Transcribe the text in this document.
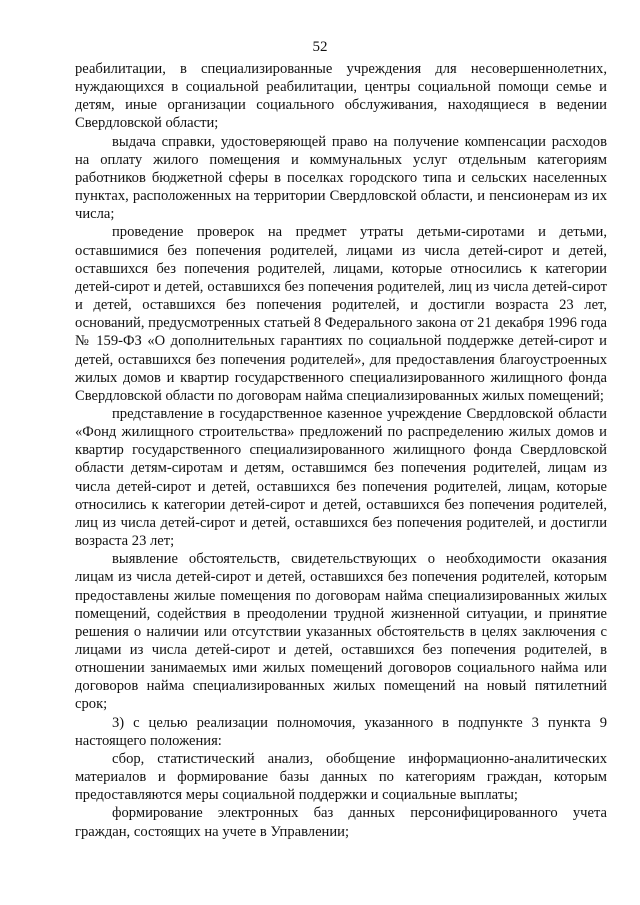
52

реабилитации, в специализированные учреждения для несовершеннолетних, нуждающихся в социальной реабилитации, центры социальной помощи семье и детям, иные организации социального обслуживания, находящиеся в ведении Свердловской области;

выдача справки, удостоверяющей право на получение компенсации расходов на оплату жилого помещения и коммунальных услуг отдельным категориям работников бюджетной сферы в поселках городского типа и сельских населенных пунктах, расположенных на территории Свердловской области, и пенсионерам из их числа;

проведение проверок на предмет утраты детьми-сиротами и детьми, оставшимися без попечения родителей, лицами из числа детей-сирот и детей, оставшихся без попечения родителей, лицами, которые относились к категории детей-сирот и детей, оставшихся без попечения родителей, лиц из числа детей-сирот и детей, оставшихся без попечения родителей, и достигли возраста 23 лет, оснований, предусмотренных статьей 8 Федерального закона от 21 декабря 1996 года № 159-ФЗ «О дополнительных гарантиях по социальной поддержке детей-сирот и детей, оставшихся без попечения родителей», для предоставления благоустроенных жилых домов и квартир государственного специализированного жилищного фонда Свердловской области по договорам найма специализированных жилых помещений;

представление в государственное казенное учреждение Свердловской области «Фонд жилищного строительства» предложений по распределению жилых домов и квартир государственного специализированного жилищного фонда Свердловской области детям-сиротам и детям, оставшимся без попечения родителей, лицам из числа детей-сирот и детей, оставшихся без попечения родителей, лицам, которые относились к категории детей-сирот и детей, оставшихся без попечения родителей, лиц из числа детей-сирот и детей, оставшихся без попечения родителей, и достигли возраста 23 лет;

выявление обстоятельств, свидетельствующих о необходимости оказания лицам из числа детей-сирот и детей, оставшихся без попечения родителей, которым предоставлены жилые помещения по договорам найма специализированных жилых помещений, содействия в преодолении трудной жизненной ситуации, и принятие решения о наличии или отсутствии указанных обстоятельств в целях заключения с лицами из числа детей-сирот и детей, оставшихся без попечения родителей, в отношении занимаемых ими жилых помещений договоров социального найма или договоров найма специализированных жилых помещений на новый пятилетний срок;

3) с целью реализации полномочия, указанного в подпункте 3 пункта 9 настоящего положения:

сбор, статистический анализ, обобщение информационно-аналитических материалов и формирование базы данных по категориям граждан, которым предоставляются меры социальной поддержки и социальные выплаты;

формирование электронных баз данных персонифицированного учета граждан, состоящих на учете в Управлении;
